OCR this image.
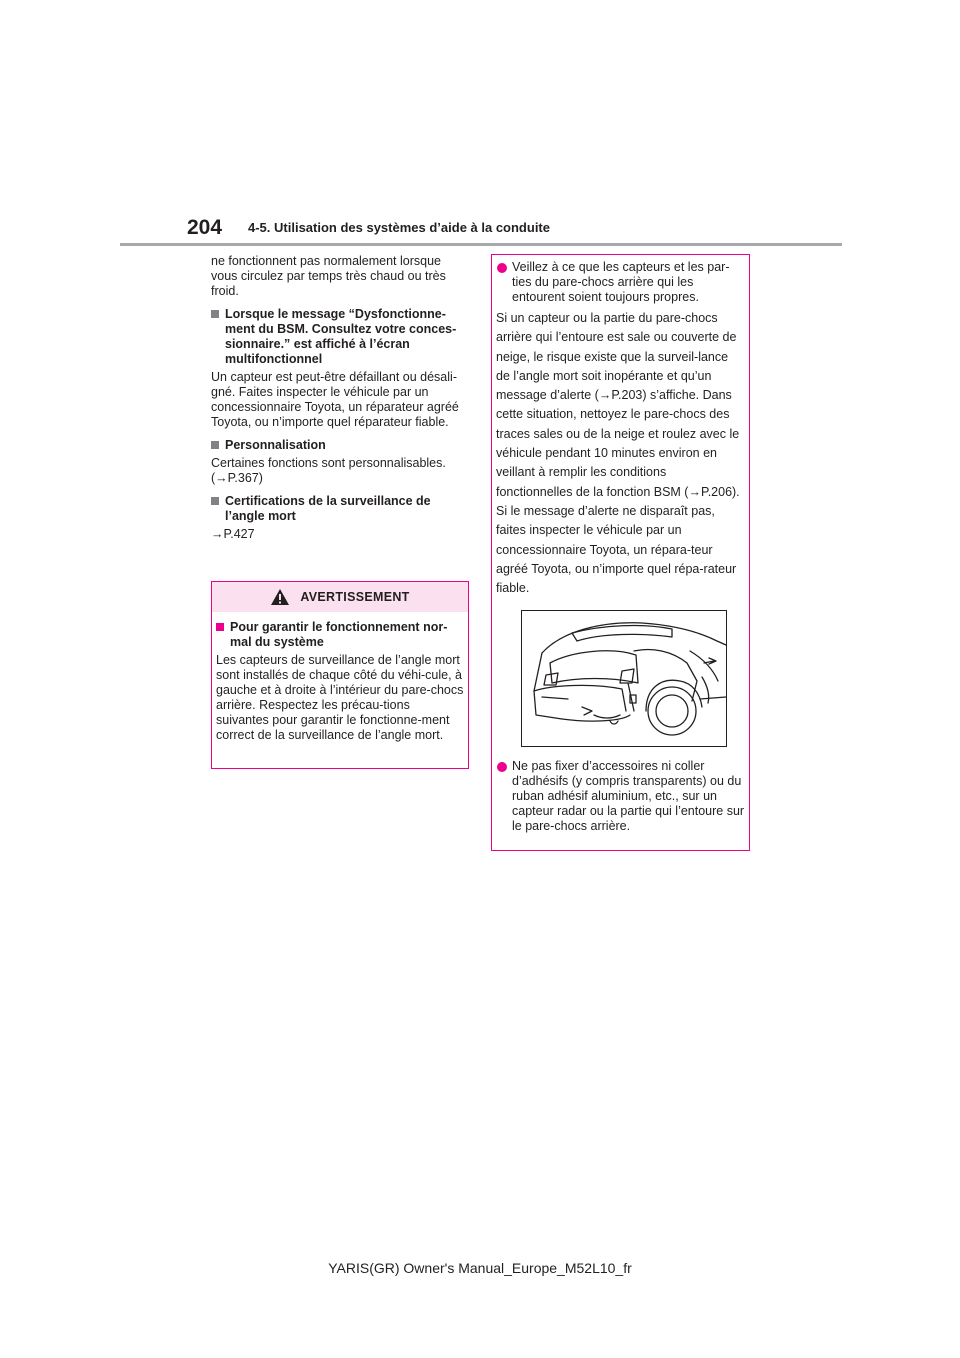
204 4-5. Utilisation des systèmes d’aide à la conduite

ne fonctionnent pas normalement lorsque vous circulez par temps très chaud ou très froid.

Lorsque le message “Dysfonctionne-ment du BSM. Consultez votre conces-sionnaire.” est affiché à l’écran multifonctionnel

Un capteur est peut-être défaillant ou désali-gné. Faites inspecter le véhicule par un concessionnaire Toyota, un réparateur agréé Toyota, ou n’importe quel réparateur fiable.

Personnalisation

Certaines fonctions sont personnalisables. (→P.367)

Certifications de la surveillance de l’angle mort

→P.427

AVERTISSEMENT
Pour garantir le fonctionnement nor-mal du système

Les capteurs de surveillance de l’angle mort sont installés de chaque côté du véhi-cule, à gauche et à droite à l’intérieur du pare-chocs arrière. Respectez les précau-tions suivantes pour garantir le fonctionne-ment correct de la surveillance de l’angle mort.

Veillez à ce que les capteurs et les par-ties du pare-chocs arrière qui les entourent soient toujours propres.

Si un capteur ou la partie du pare-chocs arrière qui l’entoure est sale ou couverte de neige, le risque existe que la surveil-lance de l’angle mort soit inopérante et qu’un message d’alerte (→P.203) s’affiche. Dans cette situation, nettoyez le pare-chocs des traces sales ou de la neige et roulez avec le véhicule pendant 10 minutes environ en veillant à remplir les conditions fonctionnelles de la fonction BSM (→P.206). Si le message d’alerte ne disparaît pas, faites inspecter le véhicule par un concessionnaire Toyota, un répara-teur agréé Toyota, ou n’importe quel répa-rateur fiable.

Ne pas fixer d’accessoires ni coller d’adhésifs (y compris transparents) ou du ruban adhésif aluminium, etc., sur un capteur radar ou la partie qui l’entoure sur le pare-chocs arrière.
YARIS(GR) Owner's Manual_Europe_M52L10_fr
